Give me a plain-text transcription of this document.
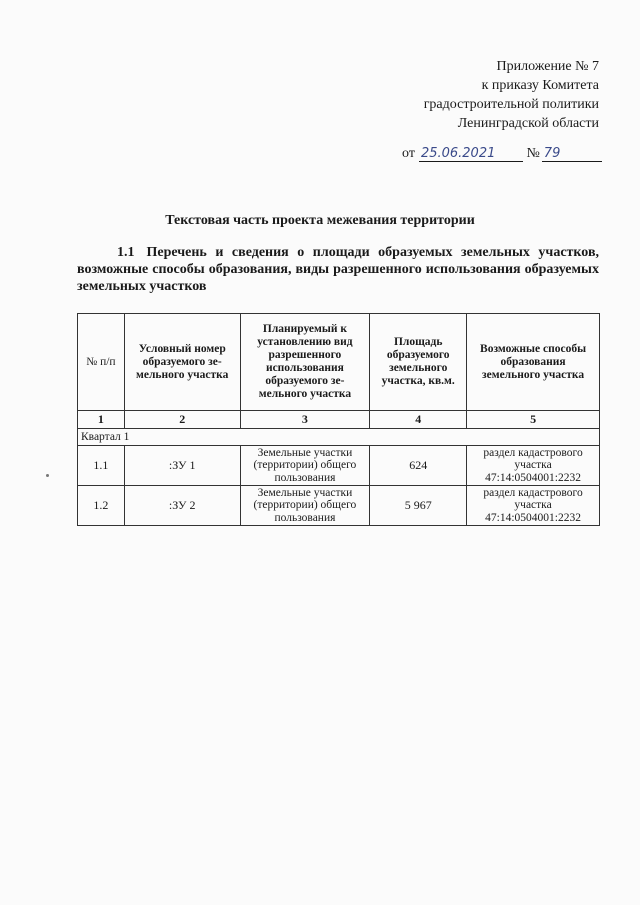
Приложение № 7
к приказу Комитета
градостроительной политики
Ленинградской области
от 25.06.2021 № 79
Текстовая часть проекта межевания территории
1.1 Перечень и сведения о площади образуемых земельных участков, возможные способы образования, виды разрешенного использования образуемых земельных участков
№ п/п	Условный номер образуемого зе-мельного участка	Планируемый к установлению вид разрешенного использования образуемого зе-мельного участка	Площадь образуемого земельного участка, кв.м.	Возможные способы образования земельного участка
1	2	3	4	5
Квартал 1				
1.1	:ЗУ 1	Земельные участки (территории) общего пользования	624	раздел кадастрового участка 47:14:0504001:2232
1.2	:ЗУ 2	Земельные участки (территории) общего пользования	5 967	раздел кадастрового участка 47:14:0504001:2232
